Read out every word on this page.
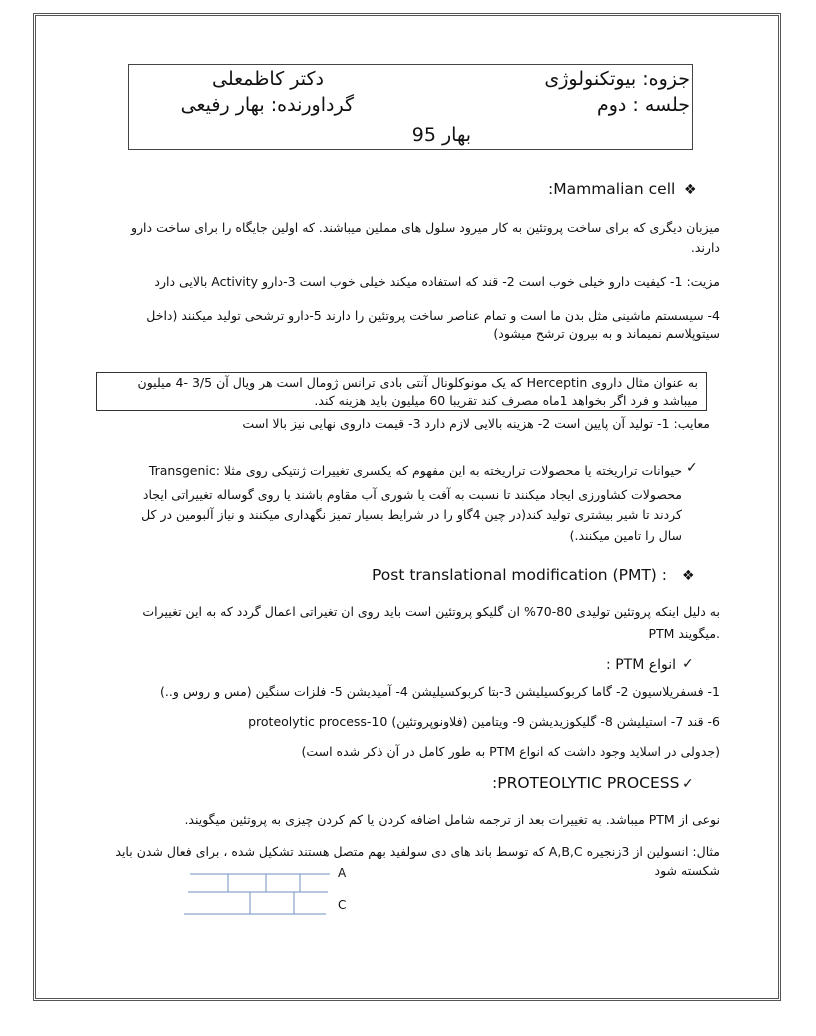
جزوه: بیوتکنولوژی
دکتر کاظمعلی
جلسه : دوم
گرداورنده: بهار رفیعی
بهار 95
❖
:Mammalian cell
میزبان دیگری که برای ساخت پروتئین به کار میرود سلول های مملین میباشند. که اولین جایگاه را برای ساخت دارو
دارند.
مزیت: 1- کیفیت دارو خیلی خوب است 2- قند که استفاده میکند خیلی خوب است 3-دارو Activity بالایی دارد
4- سیسستم ماشینی مثل بدن ما است و تمام عناصر ساخت پروتئین را دارند 5-دارو ترشحی تولید میکنند (داخل
سیتوپلاسم نمیماند و به بیرون ترشح میشود)
به عنوان مثال داروی Herceptin که یک مونوکلونال آنتی بادی ترانس ژومال است هر ویال آن 3/5 -4 میلیون
میباشد و فرد اگر بخواهد 1ماه مصرف کند تقریبا 60 میلیون باید هزینه کند.
معایب: 1- تولید آن پایین است 2- هزینه بالایی لازم دارد 3- قیمت داروی نهایی نیز بالا است
✓
Transgenic: حیوانات تراریخته یا محصولات تراریخته به این مفهوم که یکسری تغییرات ژنتیکی روی مثلا
محصولات کشاورزی ایجاد میکنند تا نسبت به آفت یا شوری آب مقاوم باشند یا روی گوساله تغییراتی ایجاد
کردند تا شیر بیشتری تولید کند(در چین 4گاو را در شرایط بسیار تمیز نگهداری میکنند و نیاز آلبومین در کل
سال را تامین میکنند.)
❖
Post translational modification (PMT) :
به دلیل اینکه پروتئین تولیدی 80-70% ان گلیکو پروتئین است باید روی ان تغیراتی اعمال گردد که به این تغییرات
PTM میگویند.
✓
انواع PTM :
1- فسفریلاسیون 2- گاما کربوکسیلیشن 3-بتا کربوکسیلیشن 4- آمیدیشن 5- فلزات سنگین (مس و روس و..)
6- قند 7- استیلیشن 8- گلیکوزیدیشن 9- ویتامین (فلاونوپروتئین) 10-proteolytic process
(جدولی در اسلاید وجود داشت که انواع PTM به طور کامل در آن ذکر شده است)
✓
:PROTEOLYTIC PROCESS
نوعی از PTM میباشد. به تغییرات بعد از ترجمه شامل اضافه کردن یا کم کردن چیزی به پروتئین میگویند.
مثال: انسولین از 3زنجیره A,B,C که توسط باند های دی سولفید بهم متصل هستند تشکیل شده ، برای فعال شدن باید
شکسته شود
A
C
